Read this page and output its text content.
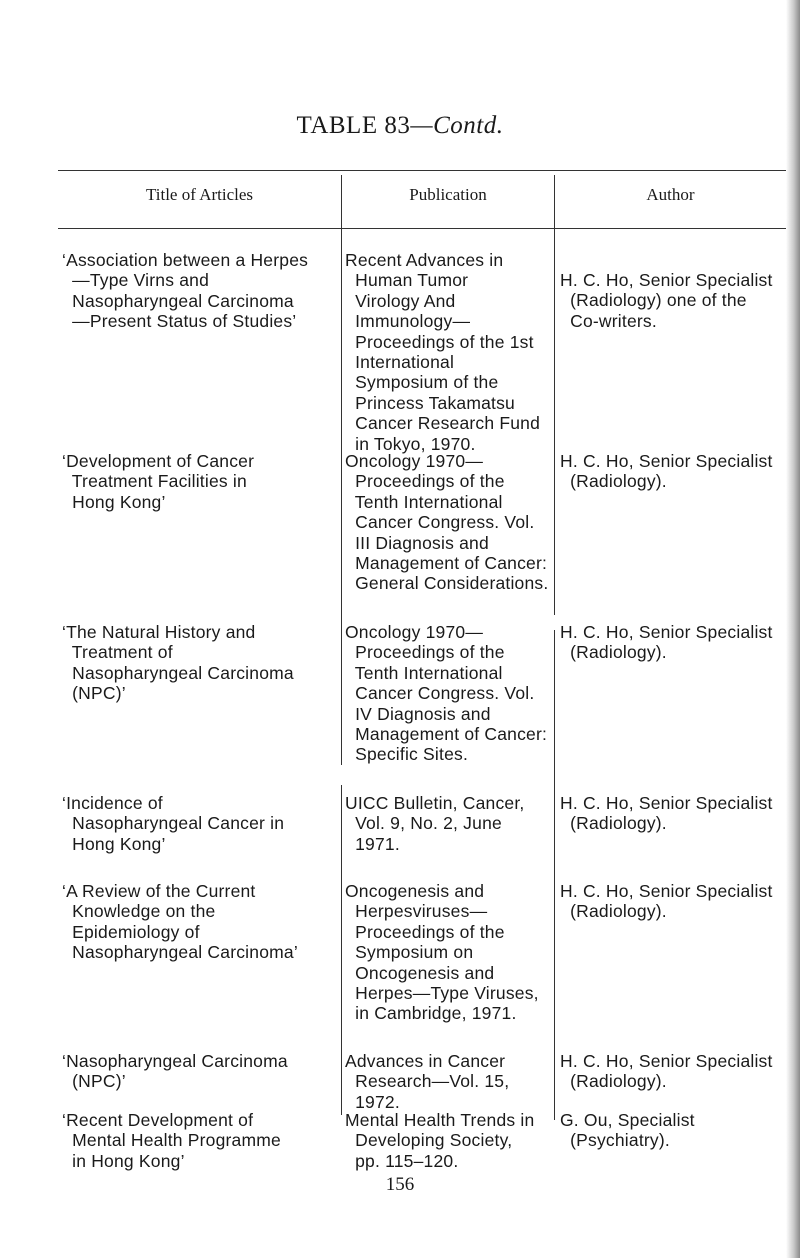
TABLE 83—Contd.
Title of Articles	Publication	Author
‘Association between a Herpes
—Type Virns and
Nasopharyngeal Carcinoma
—Present Status of Studies’
Recent Advances in
Human Tumor
Virology And
Immunology—
Proceedings of the 1st
International
Symposium of the
Princess Takamatsu
Cancer Research Fund
in Tokyo, 1970.
H. C. Ho, Senior Specialist
(Radiology) one of the
Co-writers.
‘Development of Cancer
Treatment Facilities in
Hong Kong’
Oncology 1970—
Proceedings of the
Tenth International
Cancer Congress. Vol.
III Diagnosis and
Management of Cancer:
General Considerations.
H. C. Ho, Senior Specialist
(Radiology).
‘The Natural History and
Treatment of
Nasopharyngeal Carcinoma
(NPC)’
Oncology 1970—
Proceedings of the
Tenth International
Cancer Congress. Vol.
IV Diagnosis and
Management of Cancer:
Specific Sites.
H. C. Ho, Senior Specialist
(Radiology).
‘Incidence of
Nasopharyngeal Cancer in
Hong Kong’
UICC Bulletin, Cancer,
Vol. 9, No. 2, June
1971.
H. C. Ho, Senior Specialist
(Radiology).
‘A Review of the Current
Knowledge on the
Epidemiology of
Nasopharyngeal Carcinoma’
Oncogenesis and
Herpesviruses—
Proceedings of the
Symposium on
Oncogenesis and
Herpes—Type Viruses,
in Cambridge, 1971.
H. C. Ho, Senior Specialist
(Radiology).
‘Nasopharyngeal Carcinoma
(NPC)’
Advances in Cancer
Research—Vol. 15,
1972.
H. C. Ho, Senior Specialist
(Radiology).
‘Recent Development of
Mental Health Programme
in Hong Kong’
Mental Health Trends in
Developing Society,
pp. 115–120.
G. Ou, Specialist
(Psychiatry).
156
